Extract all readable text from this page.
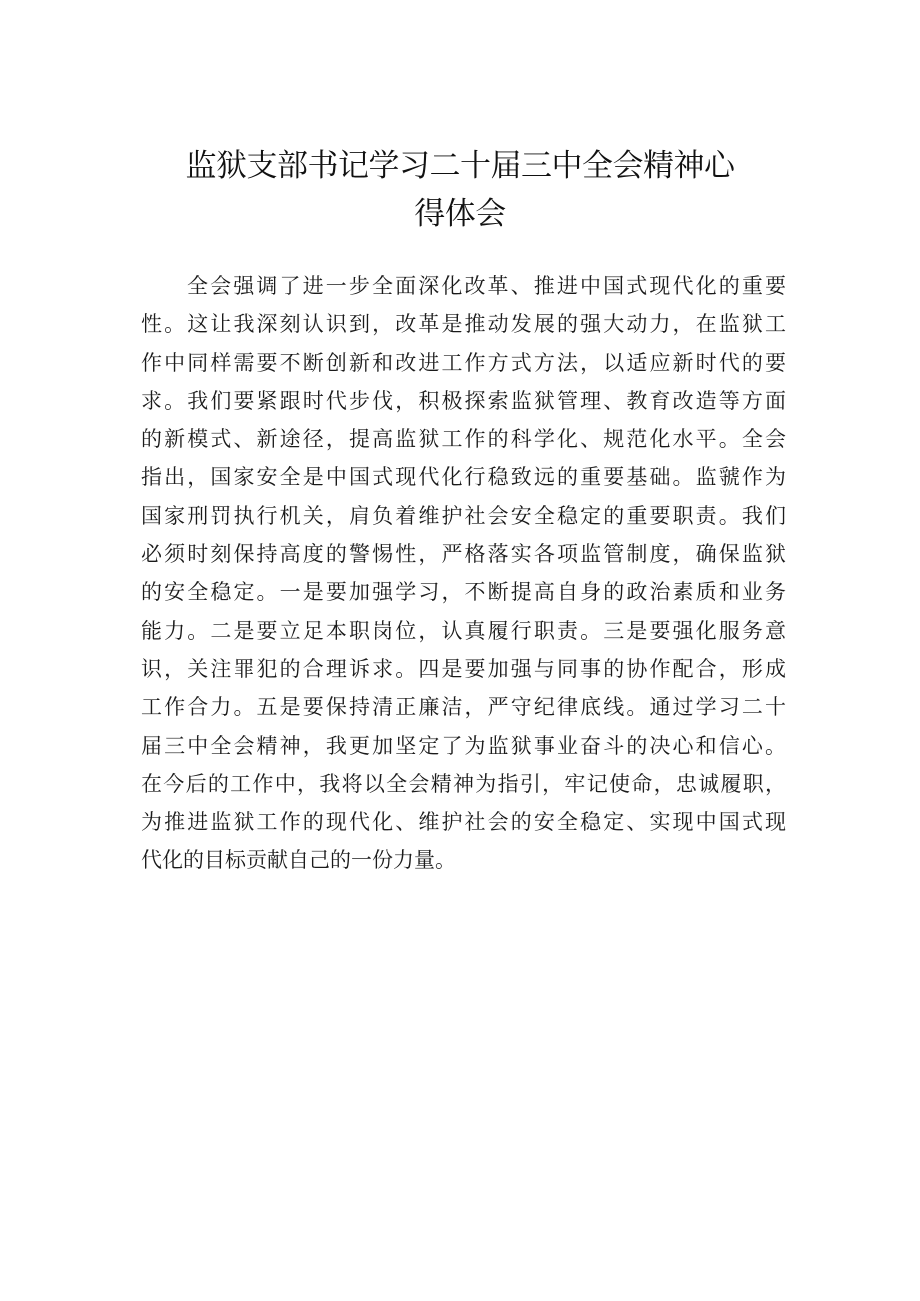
监狱支部书记学习二十届三中全会精神心
得体会
全会强调了进一步全面深化改革、推进中国式现代化的重要
性。这让我深刻认识到，改革是推动发展的强大动力，在监狱工
作中同样需要不断创新和改进工作方式方法，以适应新时代的要
求。我们要紧跟时代步伐，积极探索监狱管理、教育改造等方面
的新模式、新途径，提高监狱工作的科学化、规范化水平。全会
指出，国家安全是中国式现代化行稳致远的重要基础。监虢作为
国家刑罚执行机关，肩负着维护社会安全稳定的重要职责。我们
必须时刻保持高度的警惕性，严格落实各项监管制度，确保监狱
的安全稳定。一是要加强学习，不断提高自身的政治素质和业务
能力。二是要立足本职岗位，认真履行职责。三是要强化服务意
识，关注罪犯的合理诉求。四是要加强与同事的协作配合，形成
工作合力。五是要保持清正廉洁，严守纪律底线。通过学习二十
届三中全会精神，我更加坚定了为监狱事业奋斗的决心和信心。
在今后的工作中，我将以全会精神为指引，牢记使命，忠诚履职，
为推进监狱工作的现代化、维护社会的安全稳定、实现中国式现
代化的目标贡献自己的一份力量。
